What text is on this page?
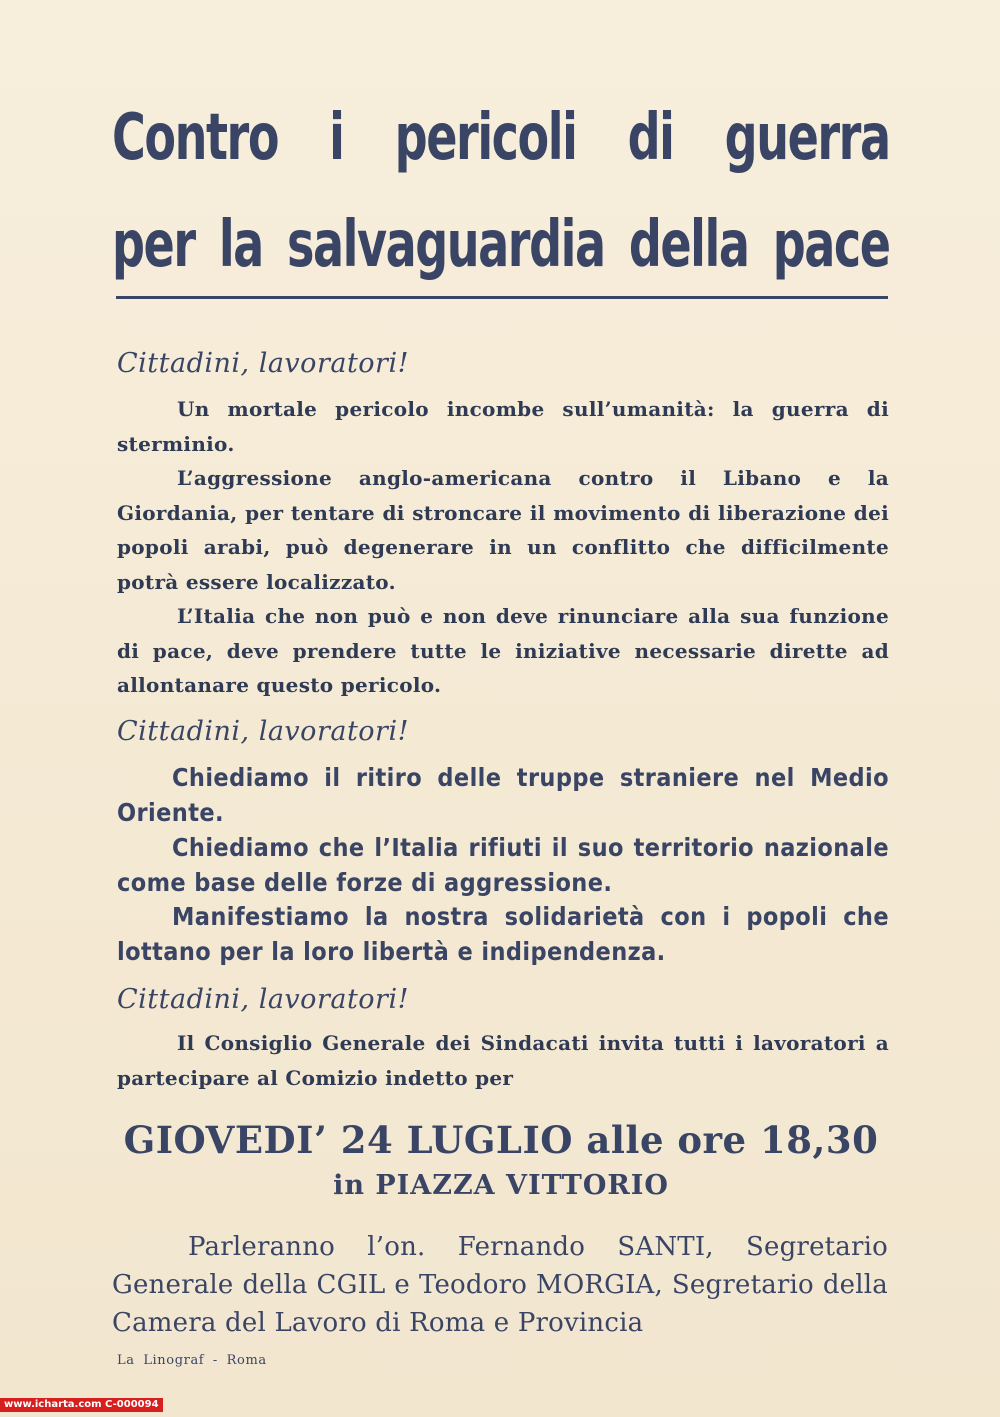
Contro i pericoli di guerra
per la salvaguardia della pace
Cittadini, lavoratori!
Un mortale pericolo incombe sull’umanità: la guerra di sterminio.
L’aggressione anglo-americana contro il Libano e la Giordania, per tentare di stroncare il movimento di liberazione dei popoli arabi, può degenerare in un conflitto che difficilmente potrà essere localizzato.
L’Italia che non può e non deve rinunciare alla sua funzione di pace, deve prendere tutte le iniziative necessarie dirette ad allontanare questo pericolo.
Cittadini, lavoratori!
Chiediamo il ritiro delle truppe straniere nel Medio Oriente.
Chiediamo che l’Italia rifiuti il suo territorio nazionale come base delle forze di aggressione.
Manifestiamo la nostra solidarietà con i popoli che lottano per la loro libertà e indipendenza.
Cittadini, lavoratori!
Il Consiglio Generale dei Sindacati invita tutti i lavoratori a partecipare al Comizio indetto per
GIOVEDI’ 24 LUGLIO alle ore 18,30
in PIAZZA VITTORIO
Parleranno l’on. Fernando SANTI, Segretario Generale della CGIL e Teodoro MORGIA, Segretario della Camera del Lavoro di Roma e Provincia
La Linograf - Roma
www.icharta.com C-000094
